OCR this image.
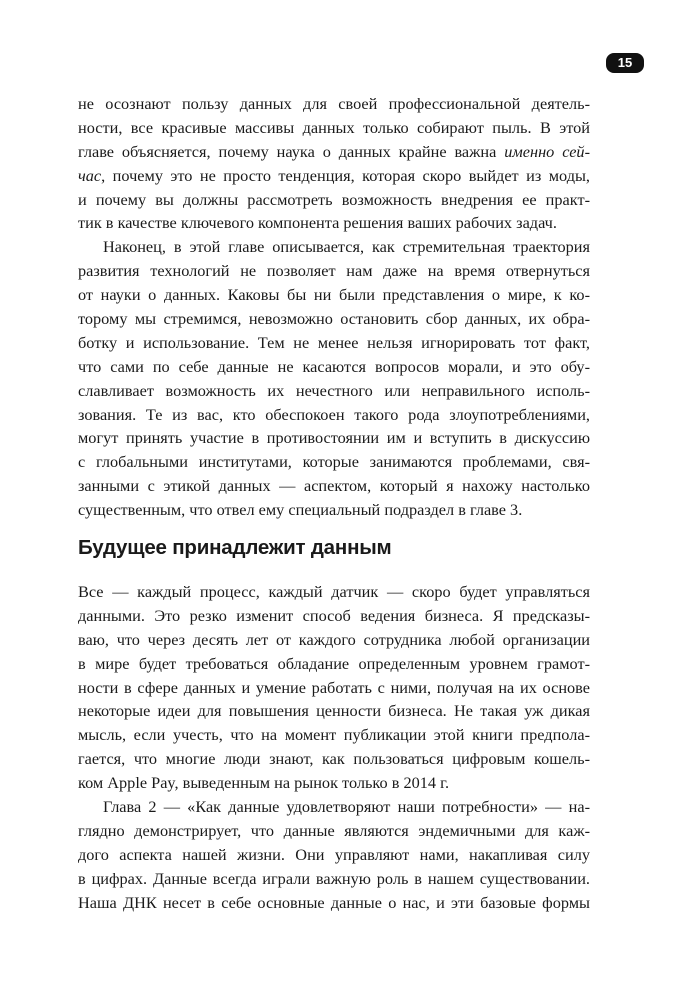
15
не осознают пользу данных для своей профессиональной деятель-
ности, все красивые массивы данных только собирают пыль. В этой
главе объясняется, почему наука о данных крайне важна именно сей-
час, почему это не просто тенденция, которая скоро выйдет из моды,
и почему вы должны рассмотреть возможность внедрения ее практ-
тик в качестве ключевого компонента решения ваших рабочих задач.
Наконец, в этой главе описывается, как стремительная траектория
развития технологий не позволяет нам даже на время отвернуться
от науки о данных. Каковы бы ни были представления о мире, к ко-
торому мы стремимся, невозможно остановить сбор данных, их обра-
ботку и использование. Тем не менее нельзя игнорировать тот факт,
что сами по себе данные не касаются вопросов морали, и это обу-
славливает возможность их нечестного или неправильного исполь-
зования. Те из вас, кто обеспокоен такого рода злоупотреблениями,
могут принять участие в противостоянии им и вступить в дискуссию
с глобальными институтами, которые занимаются проблемами, свя-
занными с этикой данных — аспектом, который я нахожу настолько
существенным, что отвел ему специальный подраздел в главе 3.
Будущее принадлежит данным
Все — каждый процесс, каждый датчик — скоро будет управляться
данными. Это резко изменит способ ведения бизнеса. Я предсказы-
ваю, что через десять лет от каждого сотрудника любой организации
в мире будет требоваться обладание определенным уровнем грамот-
ности в сфере данных и умение работать с ними, получая на их основе
некоторые идеи для повышения ценности бизнеса. Не такая уж дикая
мысль, если учесть, что на момент публикации этой книги предпола-
гается, что многие люди знают, как пользоваться цифровым кошель-
ком Apple Pay, выведенным на рынок только в 2014 г.
Глава 2 — «Как данные удовлетворяют наши потребности» — на-
глядно демонстрирует, что данные являются эндемичными для каж-
дого аспекта нашей жизни. Они управляют нами, накапливая силу
в цифрах. Данные всегда играли важную роль в нашем существовании.
Наша ДНК несет в себе основные данные о нас, и эти базовые формы
